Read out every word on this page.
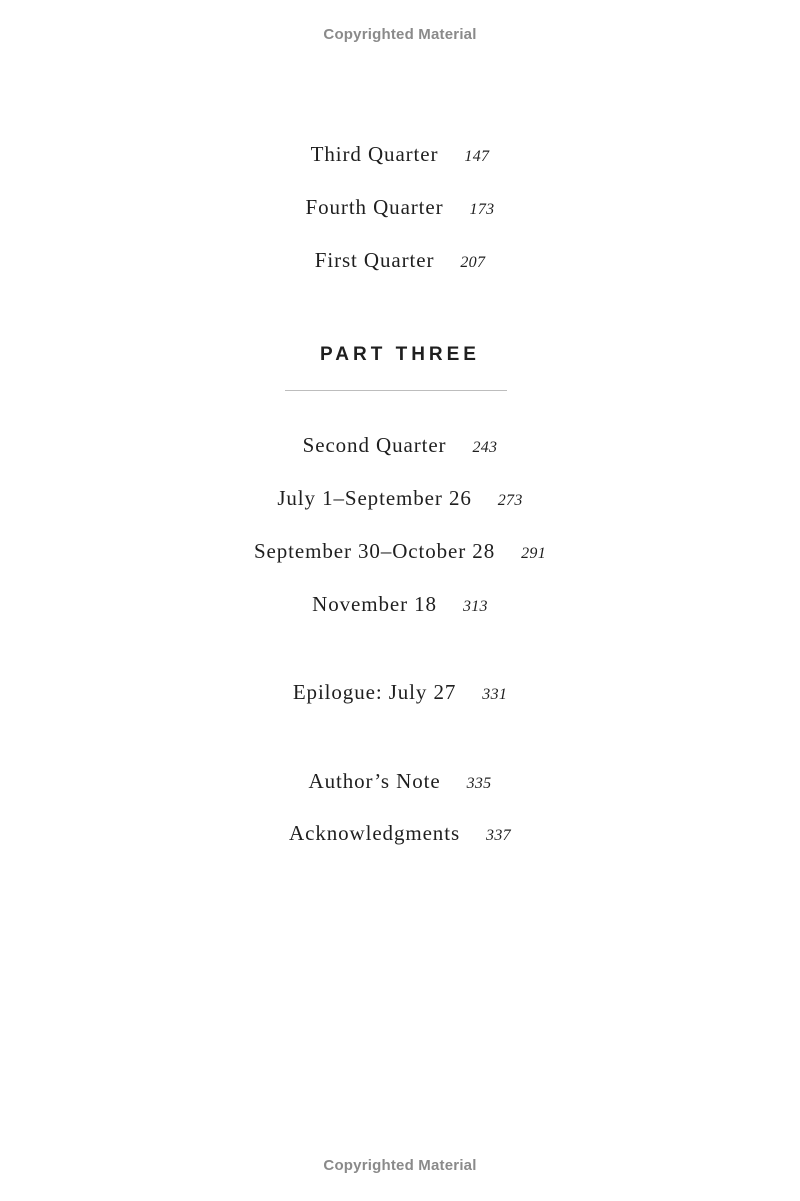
Copyrighted Material
Third Quarter 147
Fourth Quarter 173
First Quarter 207
PART THREE
Second Quarter 243
July 1–September 26 273
September 30–October 28 291
November 18 313
Epilogue: July 27 331
Author’s Note 335
Acknowledgments 337
Copyrighted Material
